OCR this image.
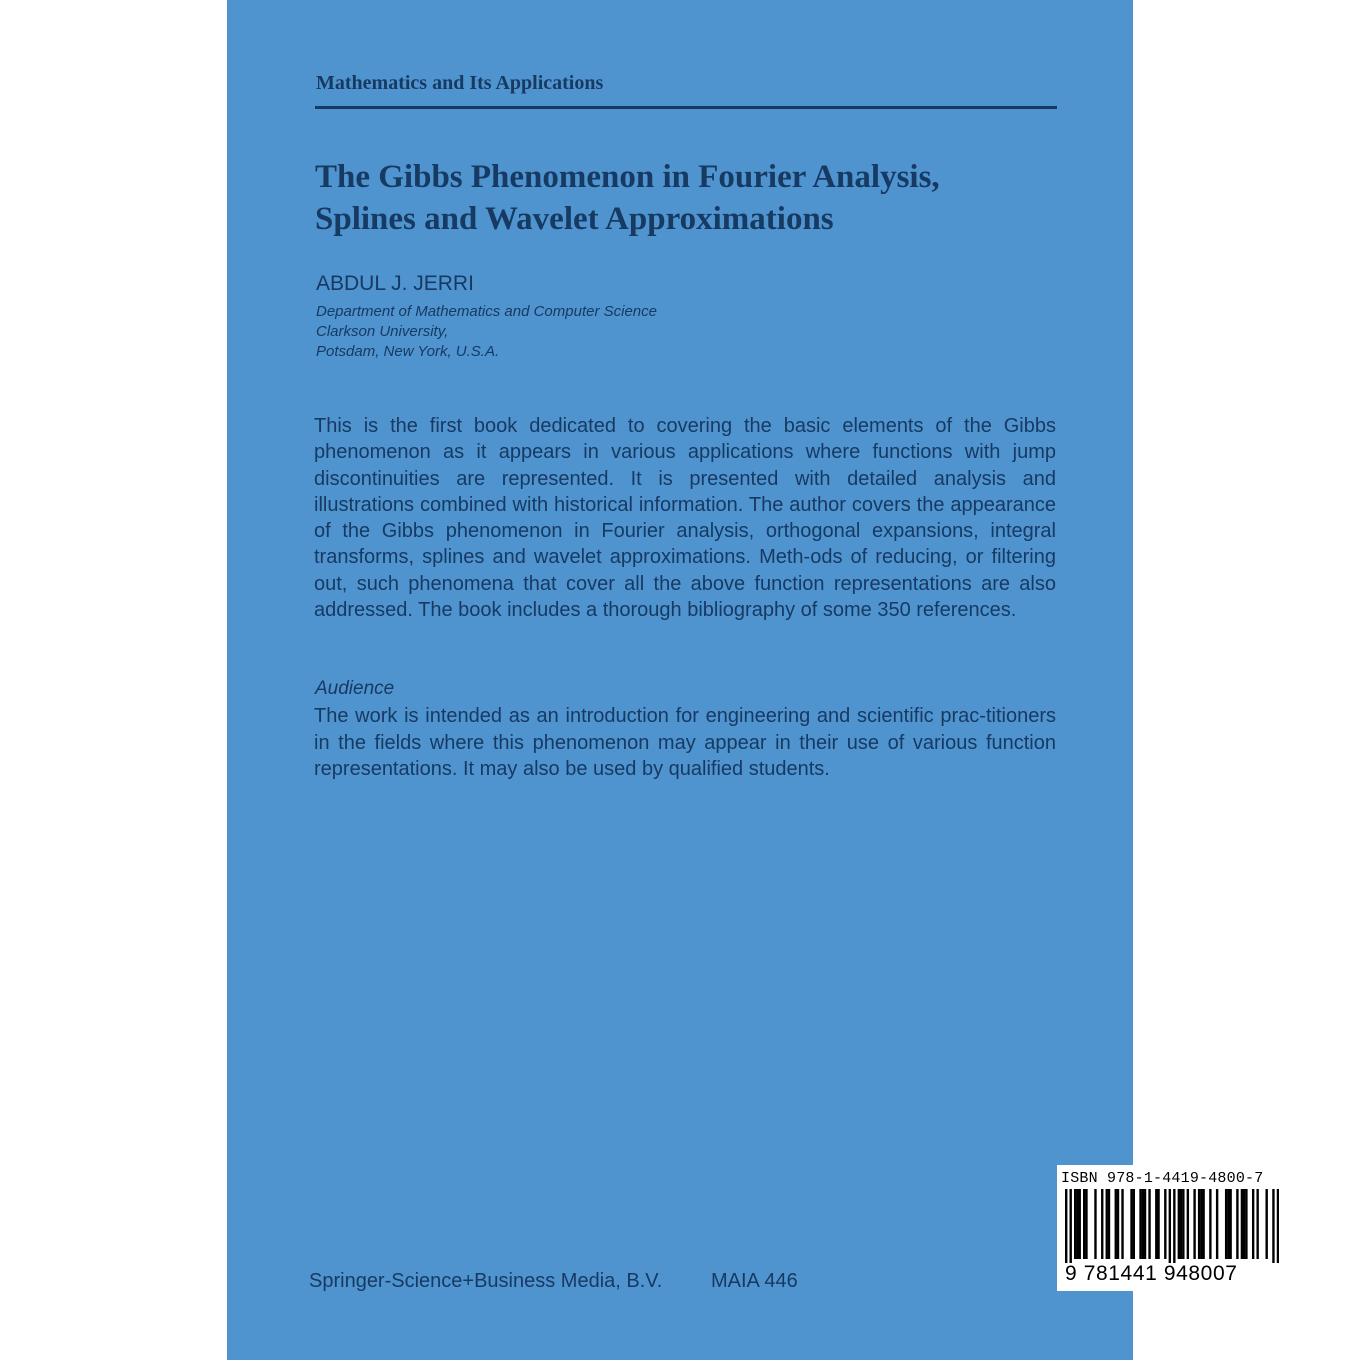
Mathematics and Its Applications
The Gibbs Phenomenon in Fourier Analysis,
Splines and Wavelet Approximations
ABDUL J. JERRI
Department of Mathematics and Computer Science
Clarkson University,
Potsdam, New York, U.S.A.

This is the first book dedicated to covering the basic elements of the Gibbs phenomenon as it appears in various applications where functions with jump discontinuities are represented. It is presented with detailed analysis and illustrations combined with historical information. The author covers the appearance of the Gibbs phenomenon in Fourier analysis, orthogonal expansions, integral transforms, splines and wavelet approximations. Meth-ods of reducing, or filtering out, such phenomena that cover all the above function representations are also addressed. The book includes a thorough bibliography of some 350 references.

Audience

The work is intended as an introduction for engineering and scientific prac-titioners in the fields where this phenomenon may appear in their use of various function representations. It may also be used by qualified students.

Springer-Science+Business Media, B.V. MAIA 446
ISBN 978-1-4419-4800-7
9 781441 948007
